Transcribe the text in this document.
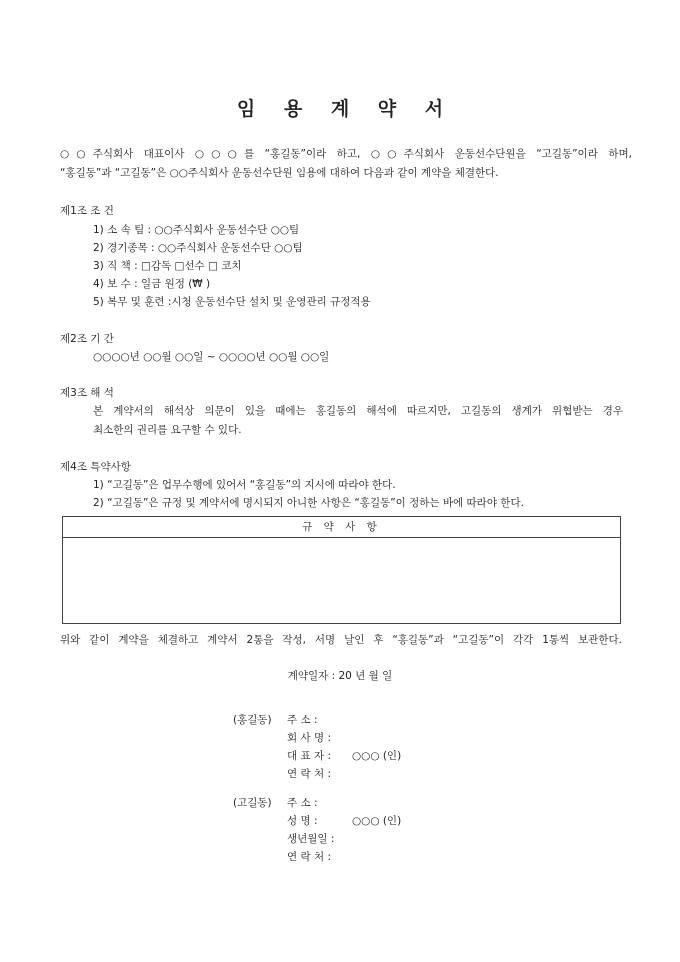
임 용 계 약 서

○○주식회사 대표이사 ○○○를 “홍길동”이라 하고, ○○주식회사 운동선수단원을 “고길동”이라 하며,

“홍길동”과 “고길동”은 ○○주식회사 운동선수단원 임용에 대하여 다음과 같이 계약을 체결한다.

제1조 조 건
1) 소 속 팀 : ○○주식회사 운동선수단 ○○팀
2) 경기종목 : ○○주식회사 운동선수단 ○○팀
3) 직 책 : □감독 □선수 □ 코치
4) 보 수 : 일금 원정 (₩ )
5) 복무 및 훈련 :시청 운동선수단 설치 및 운영관리 규정적용
제2조 기 간
○○○○년 ○○월 ○○일 ~ ○○○○년 ○○월 ○○일
제3조 해 석
본 계약서의 해석상 의문이 있을 때에는 홍길동의 해석에 따르지만, 고길동의 생계가 위협받는 경우
최소한의 권리를 요구할 수 있다.
제4조 특약사항
1) “고길동”은 업무수행에 있어서 “홍길동”의 지시에 따라야 한다.
2) “고길동”은 규정 및 계약서에 명시되지 아니한 사항은 “홍길동”이 정하는 바에 따라야 한다.
규 약 사 항
위와 같이 계약을 체결하고 계약서 2통을 작성, 서명 날인 후 “홍길동”과 “고길동”이 각각 1통씩 보관한다.
계약일자 : 20 년 월 일
(홍길동) 주 소 :
회 사 명 :
대 표 자 : ○○○ (인)
연 락 처 :
(고길동) 주 소 :
성 명 :	○○○ (인)
생년월일 :
연 락 처 :
